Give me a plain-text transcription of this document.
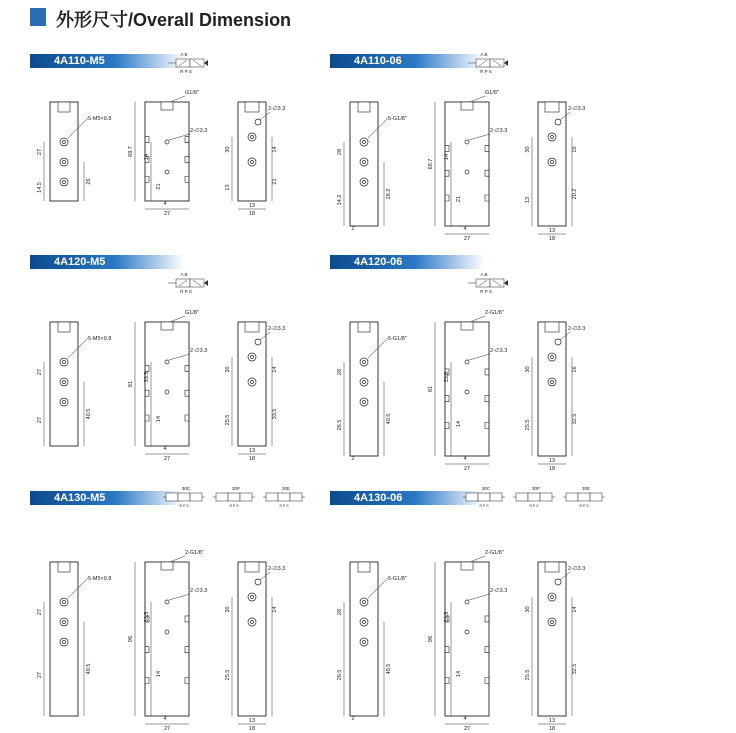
外形尺寸/Overall Dimension
4A110-M5	4A110-06
4A120-M5	4A120-06
4A130-M5	4A130-06
5-M5×0.8
27
14.5
26
G1/8"
2-∅3.3
68.7
14
21
4
27
2-∅3.3
30
13
14
21
13
18
A B
R P S
5-G1/8"
28
14.2
28.2
2
G1/8"
2-∅3.3
68.7
14
21
4
27
2-∅3.3
30
13
16
20.2
13
18
A B
R P S
5-M5×0.8
27
27
40.5
G1/8"
2-∅3.3
81
33.5
14
4
27
2-∅3.3
30
25.5
14
33.5
13
18
A B
R P S
5-G1/8"
28
26.5
40.5
2
2-G1/8"
2-∅3.3
81
33.5
14
4
27
2-∅3.3
30
25.5
16
32.5
13
18
A B
R P S
5-M5×0.8
27
27
40.5
2-G1/8"
2-∅3.3
96
33.5
14
4
27
2-∅3.3
30
25.5
14
13
18
30C
R P S
30P
R P S
30E
R P S
5-G1/8"
28
26.5
40.5
2
2-G1/8"
2-∅3.3
96
33.5
14
4
27
2-∅3.3
30
25.5
14
32.5
13
18
30C
R P S
30P
R P S
30E
R P S
